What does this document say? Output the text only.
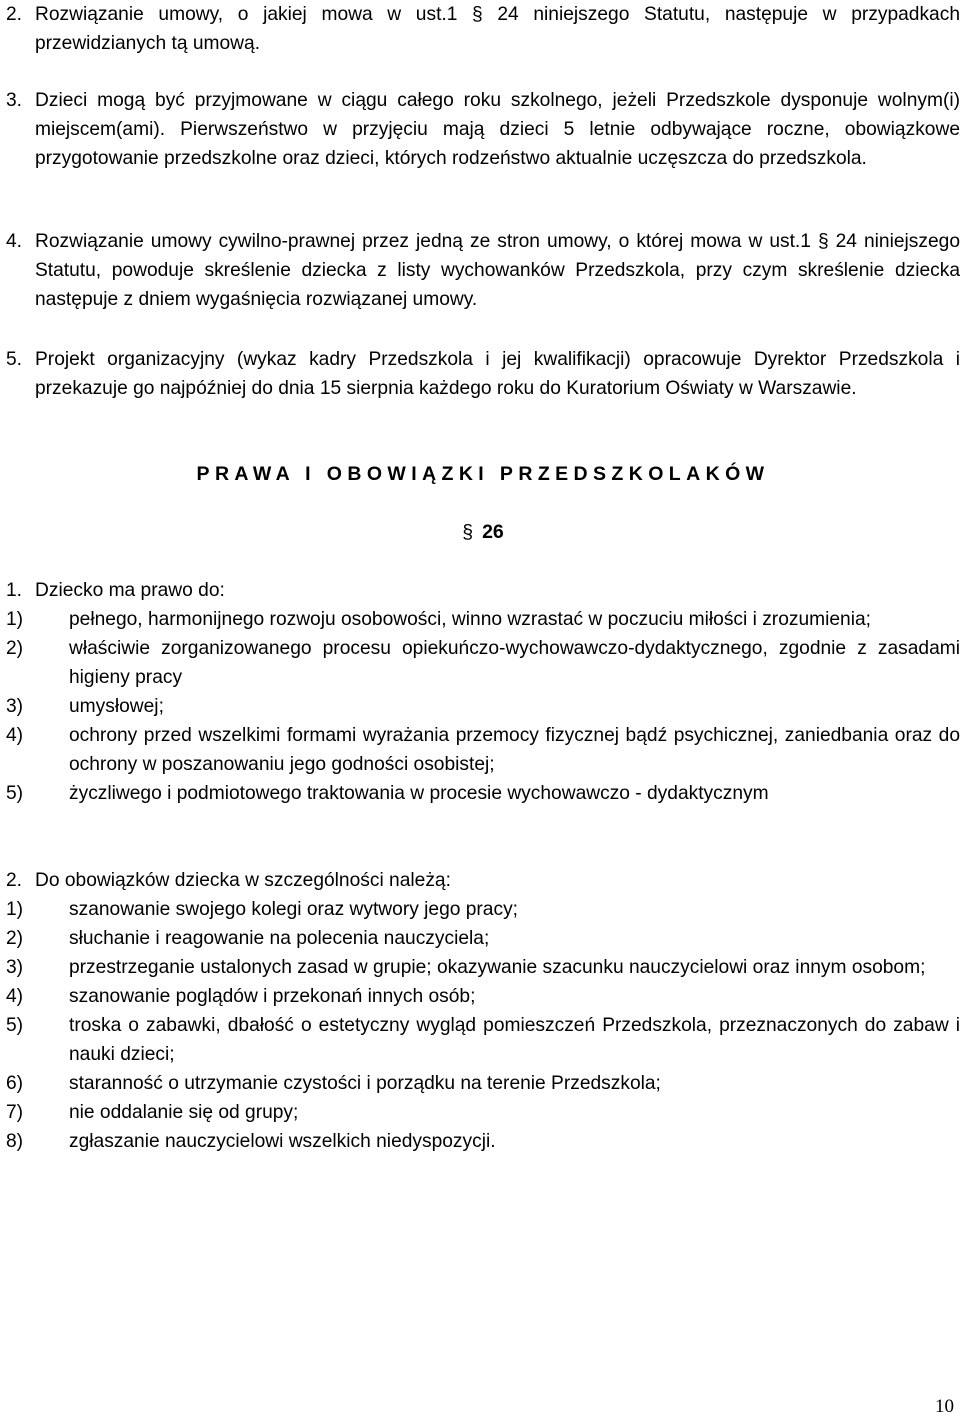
2. Rozwiązanie umowy, o jakiej mowa w ust.1 § 24 niniejszego Statutu, następuje w przypadkach przewidzianych tą umową.
3. Dzieci mogą być przyjmowane w ciągu całego roku szkolnego, jeżeli Przedszkole dysponuje wolnym(i) miejscem(ami). Pierwszeństwo w przyjęciu mają dzieci 5 letnie odbywające roczne, obowiązkowe przygotowanie przedszkolne oraz dzieci, których rodzeństwo aktualnie uczęszcza do przedszkola.
4. Rozwiązanie umowy cywilno-prawnej przez jedną ze stron umowy, o której mowa w ust.1 § 24 niniejszego Statutu, powoduje skreślenie dziecka z listy wychowanków Przedszkola, przy czym skreślenie dziecka następuje z dniem wygaśnięcia rozwiązanej umowy.
5. Projekt organizacyjny (wykaz kadry Przedszkola i jej kwalifikacji) opracowuje Dyrektor Przedszkola i przekazuje go najpóźniej do dnia 15 sierpnia każdego roku do Kuratorium Oświaty w Warszawie.
PRAWA I OBOWIĄZKI PRZEDSZKOLAKÓW
§ 26
1. Dziecko ma prawo do:
1)	pełnego, harmonijnego rozwoju osobowości, winno wzrastać w poczuciu miłości i zrozumienia;
2)	właściwie zorganizowanego procesu opiekuńczo-wychowawczo-dydaktycznego, zgodnie z zasadami higieny pracy
3)	umysłowej;
4)	ochrony przed wszelkimi formami wyrażania przemocy fizycznej bądź psychicznej, zaniedbania oraz do ochrony w poszanowaniu jego godności osobistej;
5)	życzliwego i podmiotowego traktowania w procesie wychowawczo - dydaktycznym
2. Do obowiązków dziecka w szczególności należą:
1)	szanowanie swojego kolegi oraz wytwory jego pracy;
2)	słuchanie i reagowanie na polecenia nauczyciela;
3)	przestrzeganie ustalonych zasad w grupie; okazywanie szacunku nauczycielowi oraz innym osobom;
4)	szanowanie poglądów i przekonań innych osób;
5)	troska o zabawki, dbałość o estetyczny wygląd pomieszczeń Przedszkola, przeznaczonych do zabaw i nauki dzieci;
6)	staranność o utrzymanie czystości i porządku na terenie Przedszkola;
7)	nie oddalanie się od grupy;
8)	zgłaszanie nauczycielowi wszelkich niedyspozycji.
10
